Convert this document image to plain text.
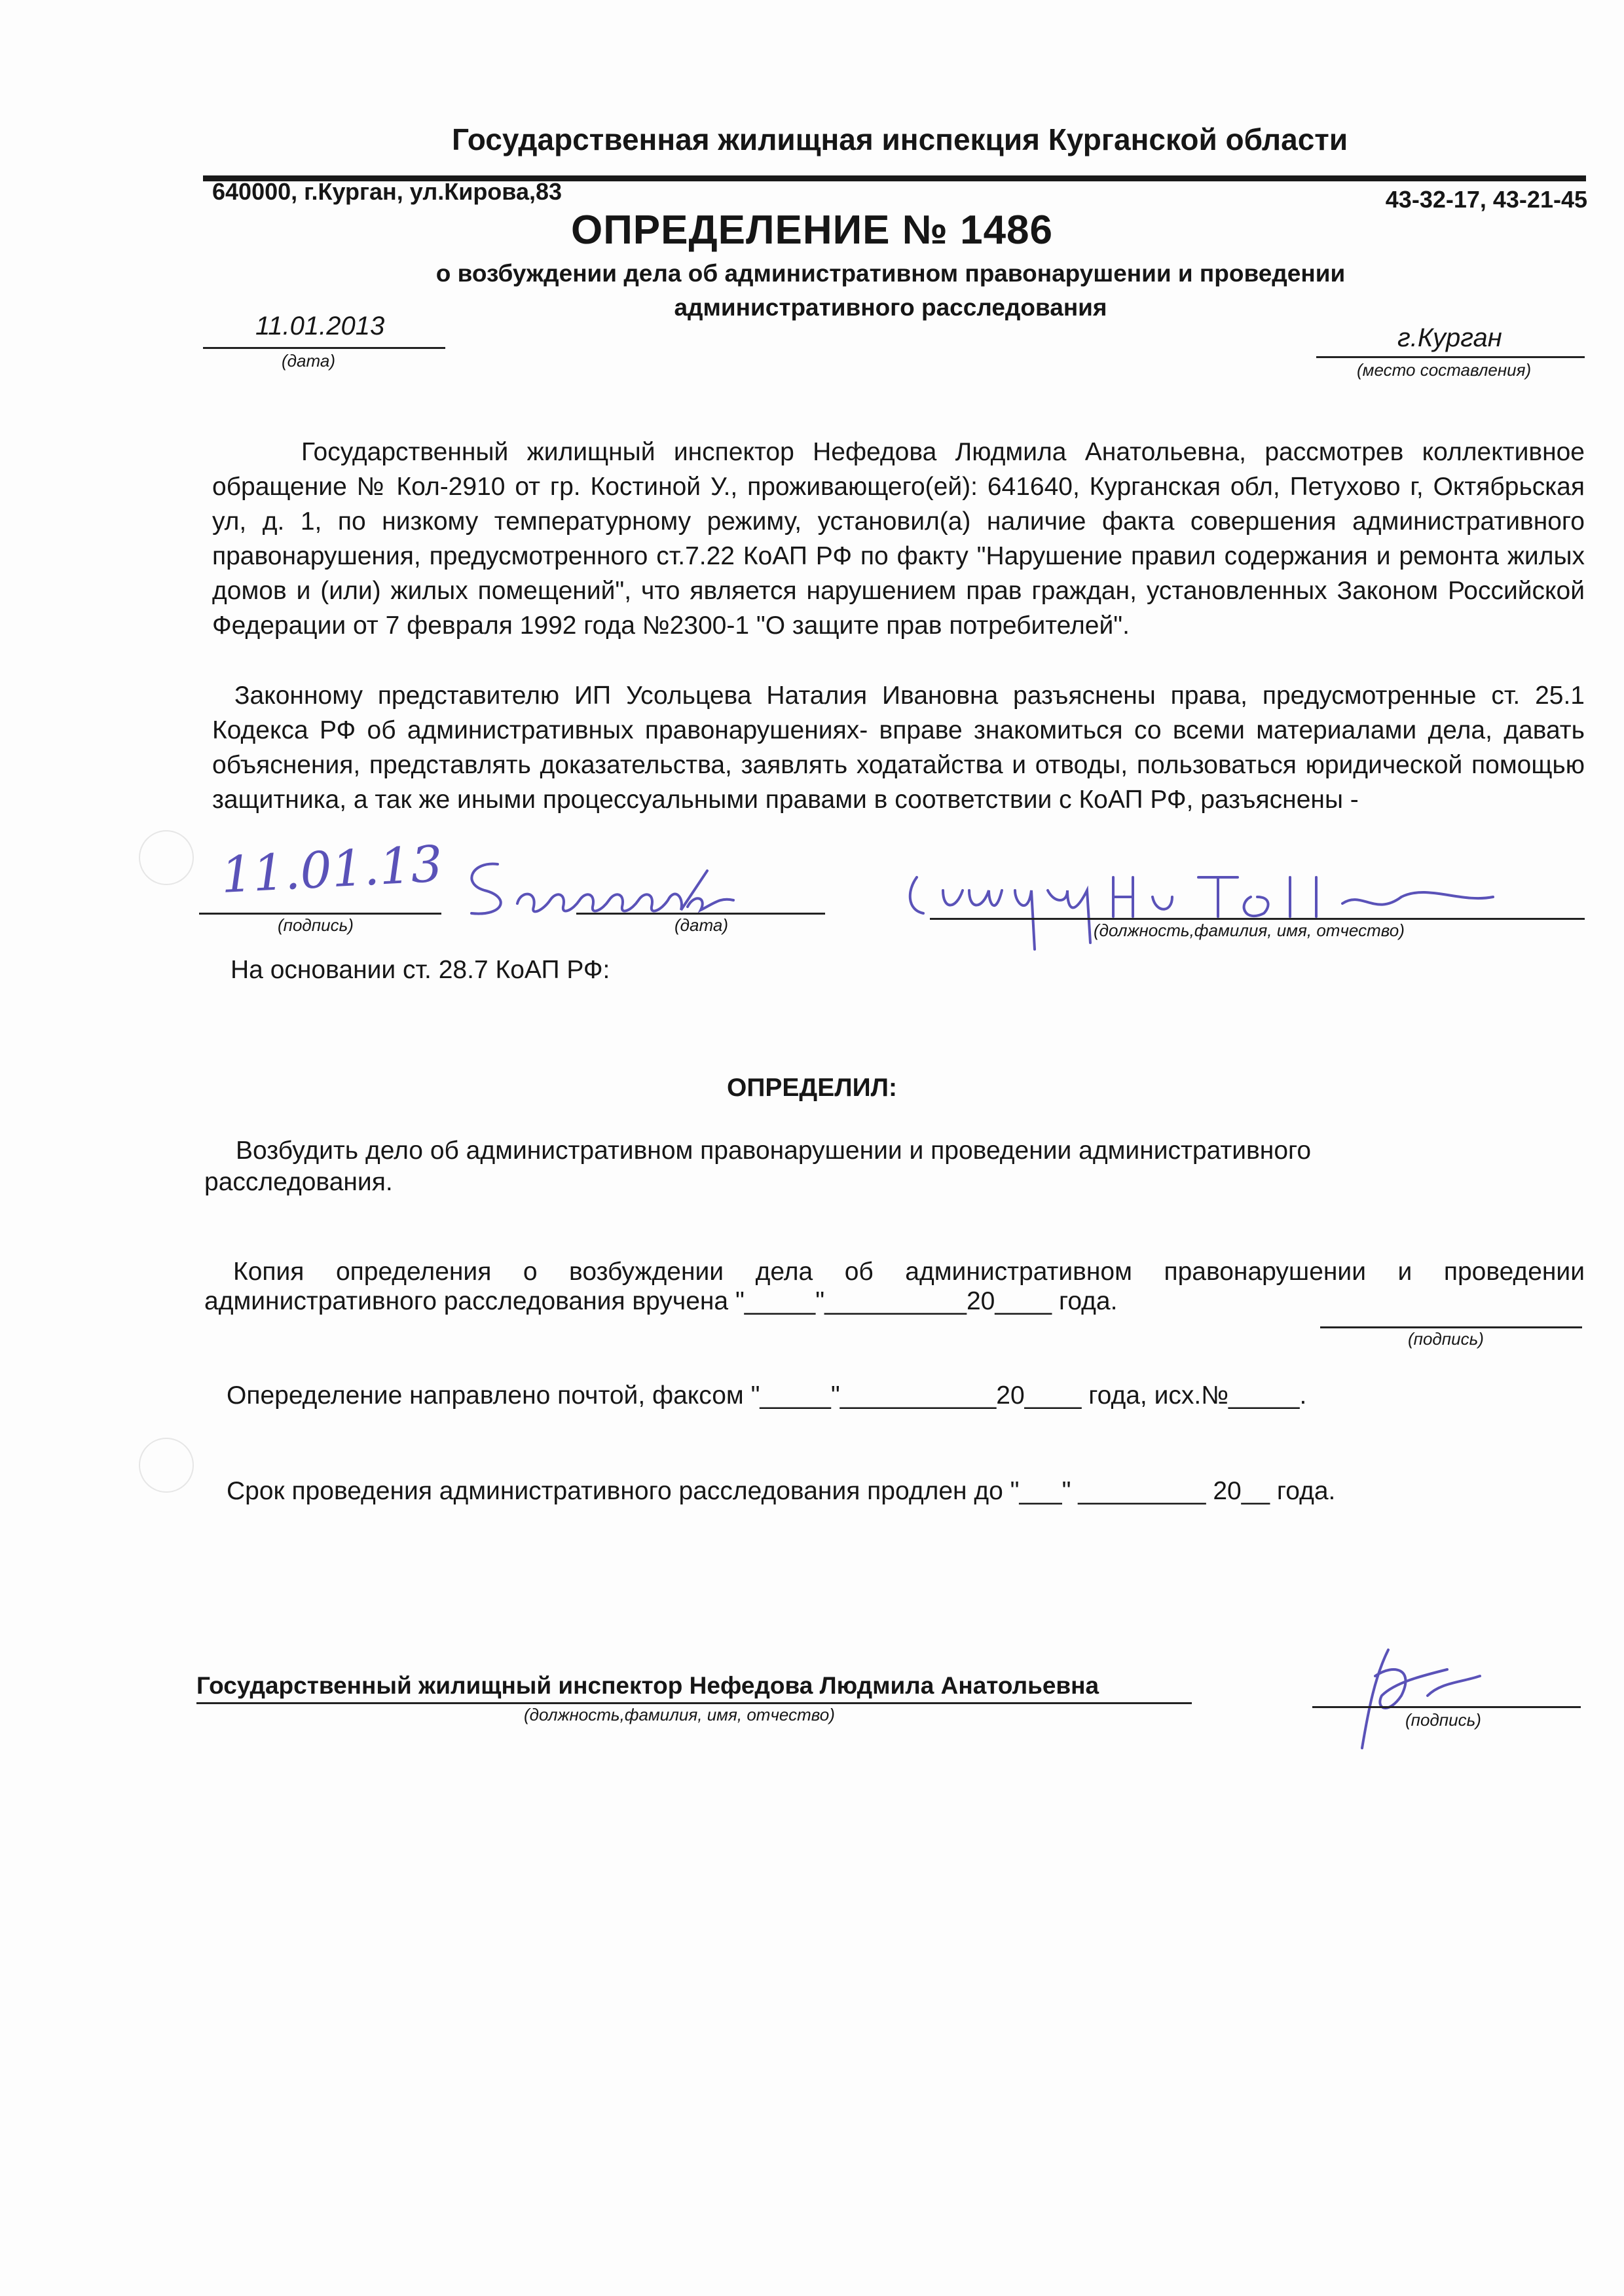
Государственная жилищная инспекция Курганской области
640000, г.Курган, ул.Кирова,83	43-32-17, 43-21-45
ОПРЕДЕЛЕНИЕ № 1486
о возбуждении дела об административном правонарушении и проведении
административного расследования
11.01.2013
(дата)
г.Курган
(место составления)

Государственный жилищный инспектор Нефедова Людмила Анатольевна, рассмотрев коллективное обращение № Кол-2910 от гр. Костиной У., проживающего(ей): 641640, Курганская обл, Петухово г, Октябрьская ул, д. 1, по низкому температурному режиму, установил(а) наличие факта совершения административного правонарушения, предусмотренного ст.7.22 КоАП РФ по факту "Нарушение правил содержания и ремонта жилых домов и (или) жилых помещений", что является нарушением прав граждан, установленных Законом Российской Федерации от 7 февраля 1992 года №2300-1 "О защите прав потребителей".

Законному представителю ИП Усольцева Наталия Ивановна разъяснены права, предусмотренные ст. 25.1 Кодекса РФ об административных правонарушениях- вправе знакомиться со всеми материалами дела, давать объяснения, представлять доказательства, заявлять ходатайства и отводы, пользоваться юридической помощью защитника, а так же иными процессуальными правами в соответствии с КоАП РФ, разъяснены -

11.01.13
(подпись)	(дата)	(должность,фамилия, имя, отчество)
На основании ст. 28.7 КоАП РФ:
ОПРЕДЕЛИЛ:
Возбудить дело об административном правонарушении и проведении административного
расследования.

Копия определения о возбуждении дела об административном правонарушении и проведении

административного расследования вручена "_____"__________20____ года.
(подпись)
Опеределение направлено почтой, факсом "_____"___________20____ года, исх.№_____.
Срок проведения административного расследования продлен до "___" _________ 20__ года.
Государственный жилищный инспектор Нефедова Людмила Анатольевна
(должность,фамилия, имя, отчество)	(подпись)
